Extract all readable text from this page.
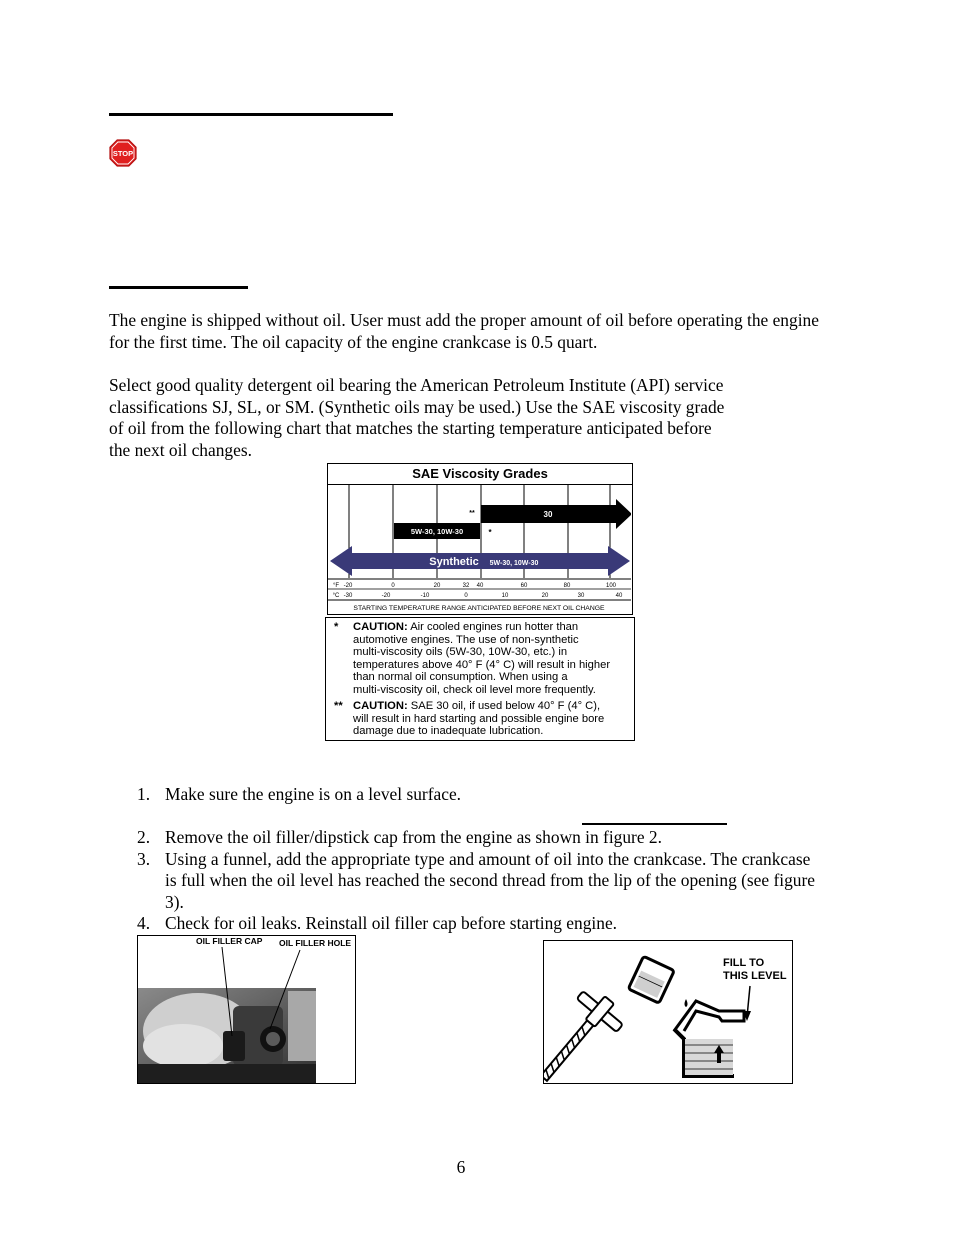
STOP

The engine is shipped without oil. User must add the proper amount of oil before operating the engine for the first time. The oil capacity of the engine crankcase is 0.5 quart.

Select good quality detergent oil bearing the American Petroleum Institute (API) service
classifications SJ, SL, or SM. (Synthetic oils may be used.) Use the SAE viscosity grade
of oil from the following chart that matches the starting temperature anticipated before
the next oil changes.
SAE Viscosity Grades
30
5W-30, 10W-30
**
*
Synthetic 5W-30, 10W-30
°F -20	0	20	32 40	60	80	100
°C -30	-20	-10	0	10	20	30	40
STARTING TEMPERATURE RANGE ANTICIPATED BEFORE NEXT OIL CHANGE
* CAUTION: Air cooled engines run hotter than
automotive engines. The use of non-synthetic
multi-viscosity oils (5W-30, 10W-30, etc.) in
temperatures above 40° F (4° C) will result in higher
than normal oil consumption. When using a
multi-viscosity oil, check oil level more frequently.
** CAUTION: SAE 30 oil, if used below 40° F (4° C),
will result in hard starting and possible engine bore
damage due to inadequate lubrication.
1. Make sure the engine is on a level surface.
2. Remove the oil filler/dipstick cap from the engine as shown in figure 2.
3. Using a funnel, add the appropriate type and amount of oil into the crankcase. The crankcase is full when the oil level has reached the second thread from the lip of the opening (see figure 3).
4. Check for oil leaks. Reinstall oil filler cap before starting engine.
OIL FILLER CAP OIL FILLER HOLE
FILL TO
THIS LEVEL
6
